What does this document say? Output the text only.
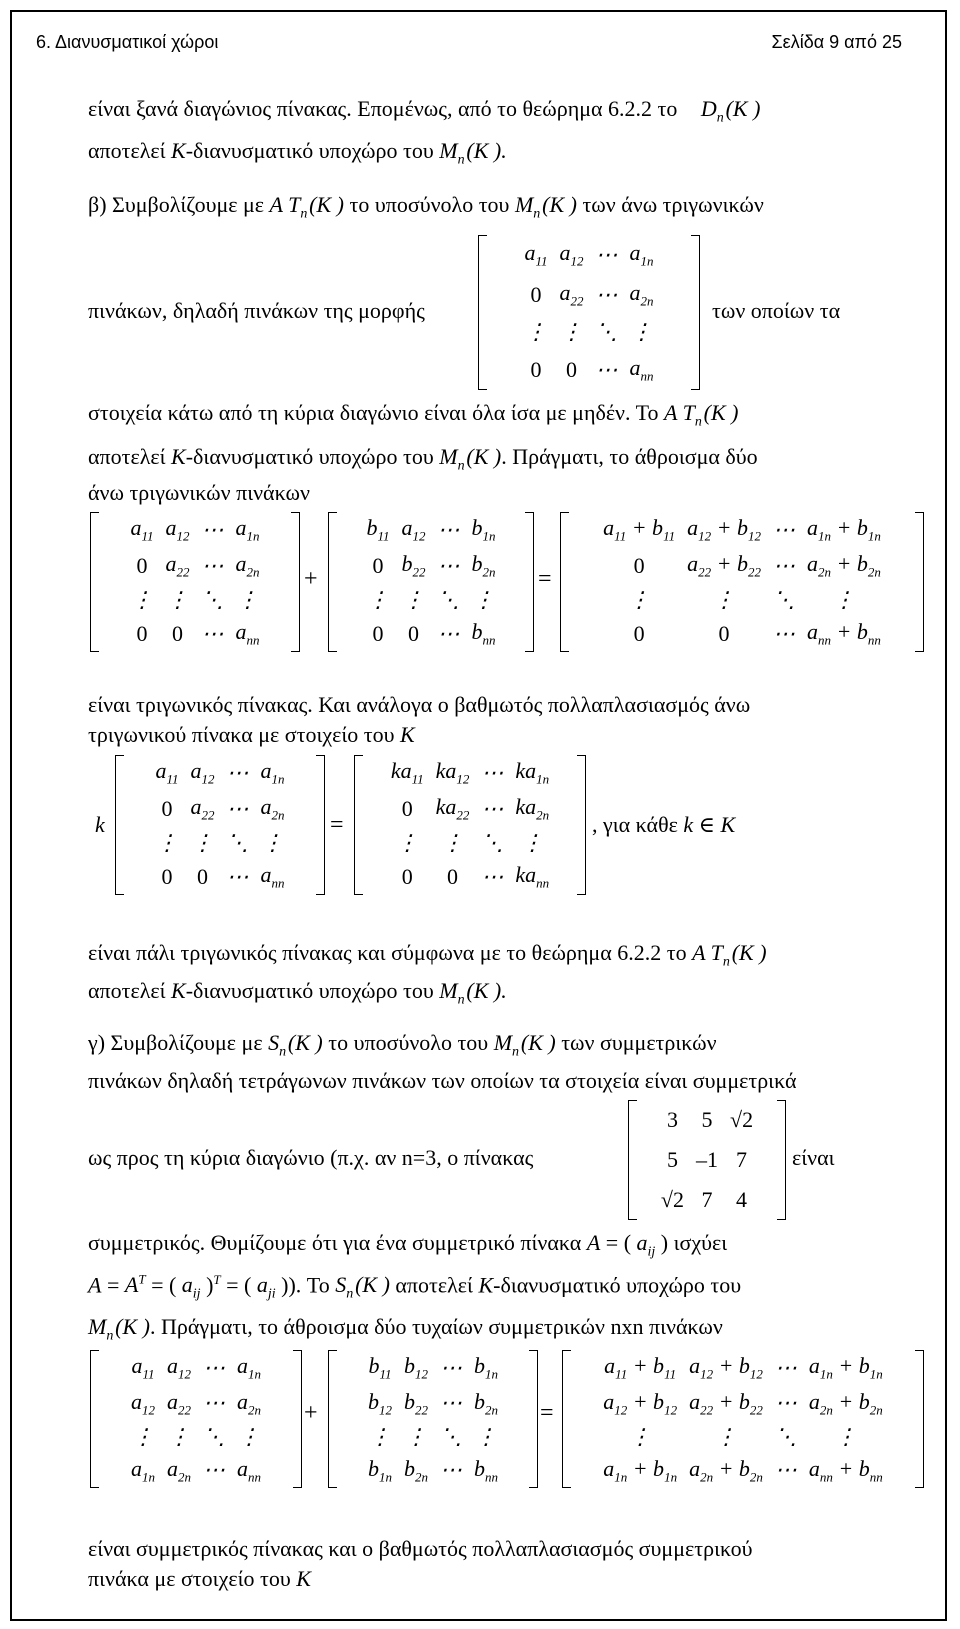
6. Διανυσματικοί χώροι	Σελίδα 9 από 25
είναι ξανά διαγώνιος πίνακας. Επομένως, από το θεώρημα 6.2.2 το $D_n$ (K )
αποτελεί K-διανυσματικό υποχώρο του $M_n$ (K ).
β) Συμβολίζουμε με A $T_n$ (K ) το υποσύνολο του $M_n$ (K ) των άνω τριγωνικών
$a_{11}$	$a_{12}$	⋯	$a_{1n}$
0	$a_{22}$	⋯	$a_{2n}$
⋮	⋮	⋱	⋮
0	0	⋯	$a_{nn}$
πινάκων, δηλαδή πινάκων της μορφής	των οποίων τα
στοιχεία κάτω από τη κύρια διαγώνιο είναι όλα ίσα με μηδέν. Το A $T_n$ (K )
αποτελεί K-διανυσματικό υποχώρο του $M_n$ (K ). Πράγματι, το άθροισμα δύο
άνω τριγωνικών πινάκων
$a_{11}$	$a_{12}$	⋯	$a_{1n}$
0	$a_{22}$	⋯	$a_{2n}$
⋮	⋮	⋱	⋮
0	0	⋯	$a_{nn}$
+
$b_{11}$	$a_{12}$	⋯	$b_{1n}$
0	$b_{22}$	⋯	$b_{2n}$
⋮	⋮	⋱	⋮
0	0	⋯	$b_{nn}$
=
$a_{11} + b_{11}$	$a_{12} + b_{12}$	⋯	$a_{1n} + b_{1n}$
0	$a_{22} + b_{22}$	⋯	$a_{2n} + b_{2n}$
⋮	⋮	⋱	⋮
0	0	⋯	$a_{nn} + b_{nn}$
είναι τριγωνικός πίνακας. Και ανάλογα ο βαθμωτός πολλαπλασιασμός άνω
τριγωνικού πίνακα με στοιχείο του K
k
$a_{11}$	$a_{12}$	⋯	$a_{1n}$
0	$a_{22}$	⋯	$a_{2n}$
⋮	⋮	⋱	⋮
0	0	⋯	$a_{nn}$
=
$ka_{11}$	$ka_{12}$	⋯	$ka_{1n}$
0	$ka_{22}$	⋯	$ka_{2n}$
⋮	⋮	⋱	⋮
0	0	⋯	$ka_{nn}$
, για κάθε k ∈ K
είναι πάλι τριγωνικός πίνακας και σύμφωνα με το θεώρημα 6.2.2 το A $T_n$ (K )
αποτελεί K-διανυσματικό υποχώρο του $M_n$ (K ).
γ) Συμβολίζουμε με $S_n$ (K ) το υποσύνολο του $M_n$ (K ) των συμμετρικών
πινάκων δηλαδή τετράγωνων πινάκων των οποίων τα στοιχεία είναι συμμετρικά
ως προς τη κύρια διαγώνιο (π.χ. αν n=3, ο πίνακας
3	5	√2
5	–1	7
√2	7	4
είναι
συμμετρικός. Θυμίζουμε ότι για ένα συμμετρικό πίνακα A = ( $a_{ij}$ ) ισχύει
$A = A^T$ = ( $a_{ij}$ )$^T$ = ( $a_{ji}$ )). Το $S_n$ (K ) αποτελεί K-διανυσματικό υποχώρο του
$M_n$ (K ). Πράγματι, το άθροισμα δύο τυχαίων συμμετρικών nxn πινάκων
$a_{11}$	$a_{12}$	⋯	$a_{1n}$
$a_{12}$	$a_{22}$	⋯	$a_{2n}$
⋮	⋮	⋱	⋮
$a_{1n}$	$a_{2n}$	⋯	$a_{nn}$
+
$b_{11}$	$b_{12}$	⋯	$b_{1n}$
$b_{12}$	$b_{22}$	⋯	$b_{2n}$
⋮	⋮	⋱	⋮
$b_{1n}$	$b_{2n}$	⋯	$b_{nn}$
=
$a_{11} + b_{11}$	$a_{12} + b_{12}$	⋯	$a_{1n} + b_{1n}$
$a_{12} + b_{12}$	$a_{22} + b_{22}$	⋯	$a_{2n} + b_{2n}$
⋮	⋮	⋱	⋮
$a_{1n} + b_{1n}$	$a_{2n} + b_{2n}$	⋯	$a_{nn} + b_{nn}$
είναι συμμετρικός πίνακας και ο βαθμωτός πολλαπλασιασμός συμμετρικού
πινάκα με στοιχείο του K
